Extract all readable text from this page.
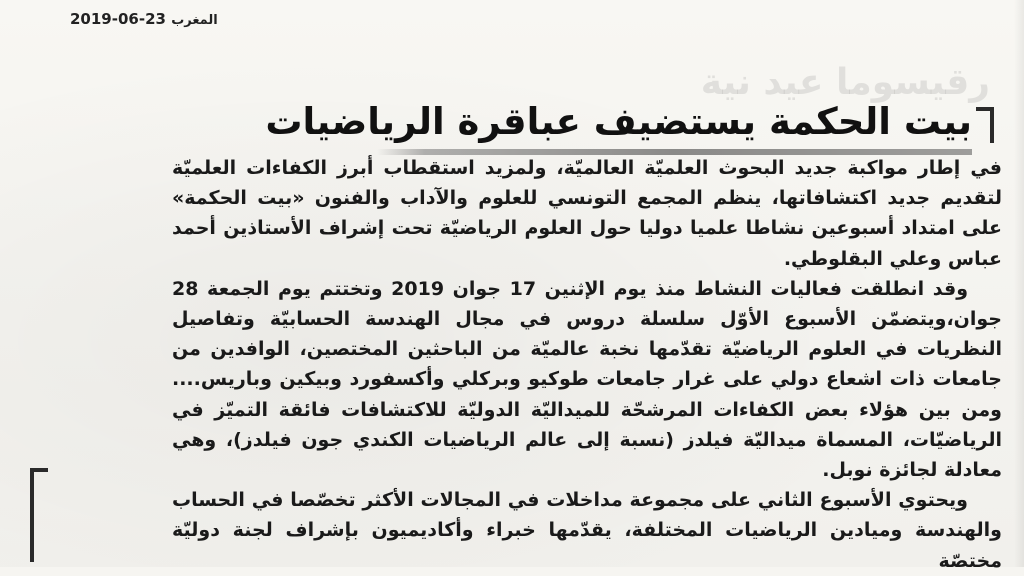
رقيسوما عيد نية
2019-06-23 المغرب
بيت الحكمة يستضيف عباقرة الرياضيات

في إطار مواكبة جديد البحوث العلميّة العالميّة، ولمزيد استقطاب أبرز الكفاءات العلميّة لتقديم جديد اكتشافاتها، ينظم المجمع التونسي للعلوم والآداب والفنون «بيت الحكمة» على امتداد أسبوعين نشاطا علميا دوليا حول العلوم الرياضيّة تحت إشراف الأستاذين أحمد عباس وعلي البقلوطي.

وقد انطلقت فعاليات النشاط منذ يوم الإثنين 17 جوان 2019 وتختتم يوم الجمعة 28 جوان،ويتضمّن الأسبوع الأوّل سلسلة دروس في مجال الهندسة الحسابيّة وتفاصيل النظريات في العلوم الرياضيّة تقدّمها نخبة عالميّة من الباحثين المختصين، الوافدين من جامعات ذات اشعاع دولي على غرار جامعات طوكيو وبركلي وأكسفورد وبيكين وباريس.... ومن بين هؤلاء بعض الكفاءات المرشحّة للميداليّة الدوليّة للاكتشافات فائقة التميّز في الرياضيّات، المسماة ميداليّة فيلدز (نسبة إلى عالم الرياضيات الكندي جون فيلدز)، وهي معادلة لجائزة نوبل.

ويحتوي الأسبوع الثاني على مجموعة مداخلات في المجالات الأكثر تخصّصا في الحساب والهندسة وميادين الرياضيات المختلفة، يقدّمها خبراء وأكاديميون بإشراف لجنة دوليّة مختصّة
